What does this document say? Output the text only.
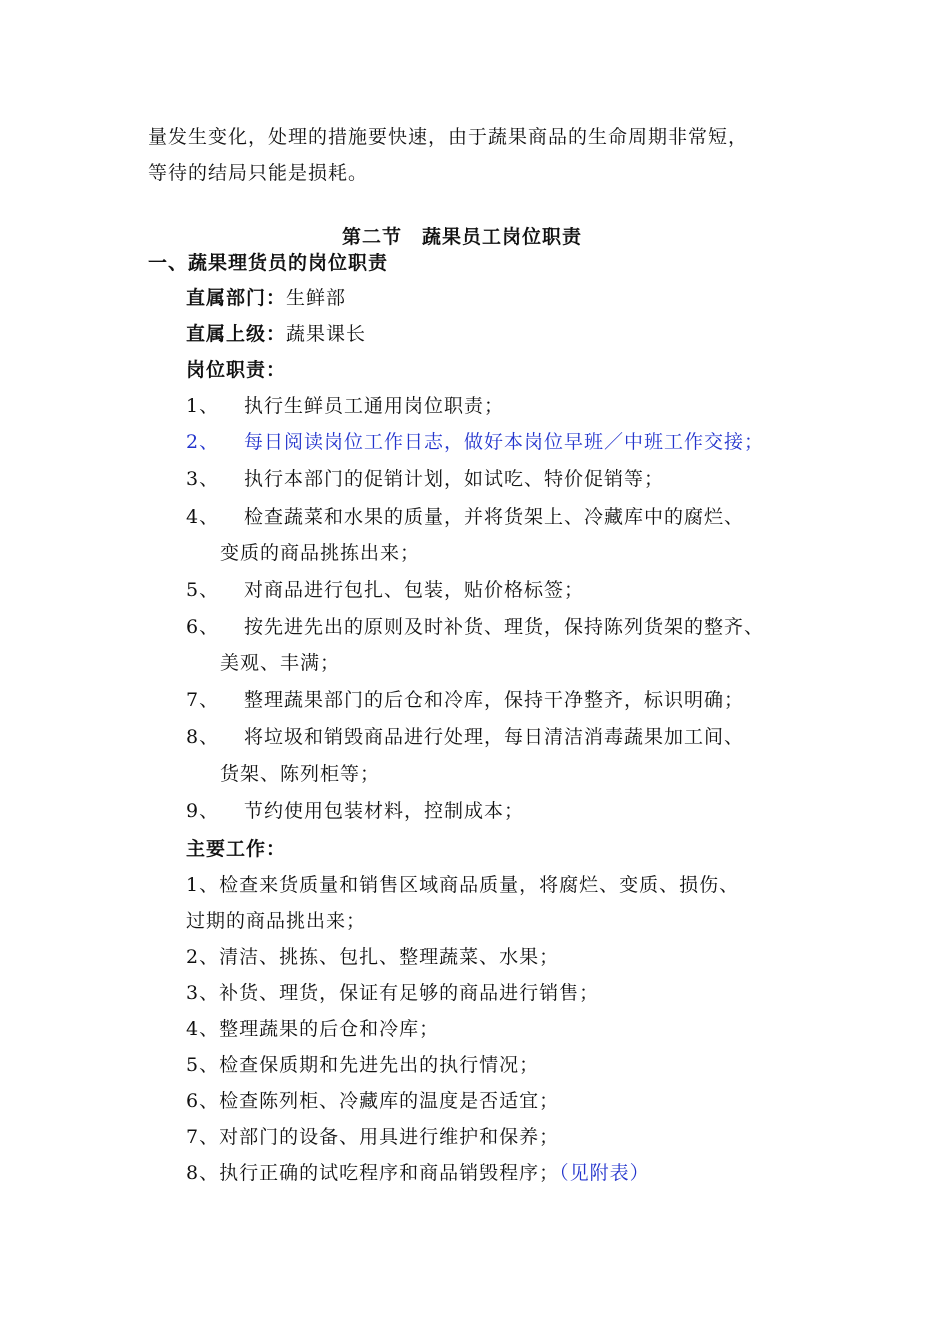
量发生变化，处理的措施要快速，由于蔬果商品的生命周期非常短，
等待的结局只能是损耗。
第二节　蔬果员工岗位职责
一、蔬果理货员的岗位职责
直属部门：生鲜部
直属上级：蔬果课长
岗位职责：
1、 执行生鲜员工通用岗位职责；
2、 每日阅读岗位工作日志，做好本岗位早班／中班工作交接；
3、 执行本部门的促销计划，如试吃、特价促销等；
4、 检查蔬菜和水果的质量，并将货架上、冷藏库中的腐烂、
变质的商品挑拣出来；
5、 对商品进行包扎、包装，贴价格标签；
6、 按先进先出的原则及时补货、理货，保持陈列货架的整齐、
美观、丰满；
7、 整理蔬果部门的后仓和冷库，保持干净整齐，标识明确；
8、 将垃圾和销毁商品进行处理，每日清洁消毒蔬果加工间、
货架、陈列柜等；
9、 节约使用包装材料，控制成本；
主要工作：
1、检查来货质量和销售区域商品质量，将腐烂、变质、损伤、
过期的商品挑出来；
2、清洁、挑拣、包扎、整理蔬菜、水果；
3、补货、理货，保证有足够的商品进行销售；
4、整理蔬果的后仓和冷库；
5、检查保质期和先进先出的执行情况；
6、检查陈列柜、冷藏库的温度是否适宜；
7、对部门的设备、用具进行维护和保养；
8、执行正确的试吃程序和商品销毁程序；（见附表）
